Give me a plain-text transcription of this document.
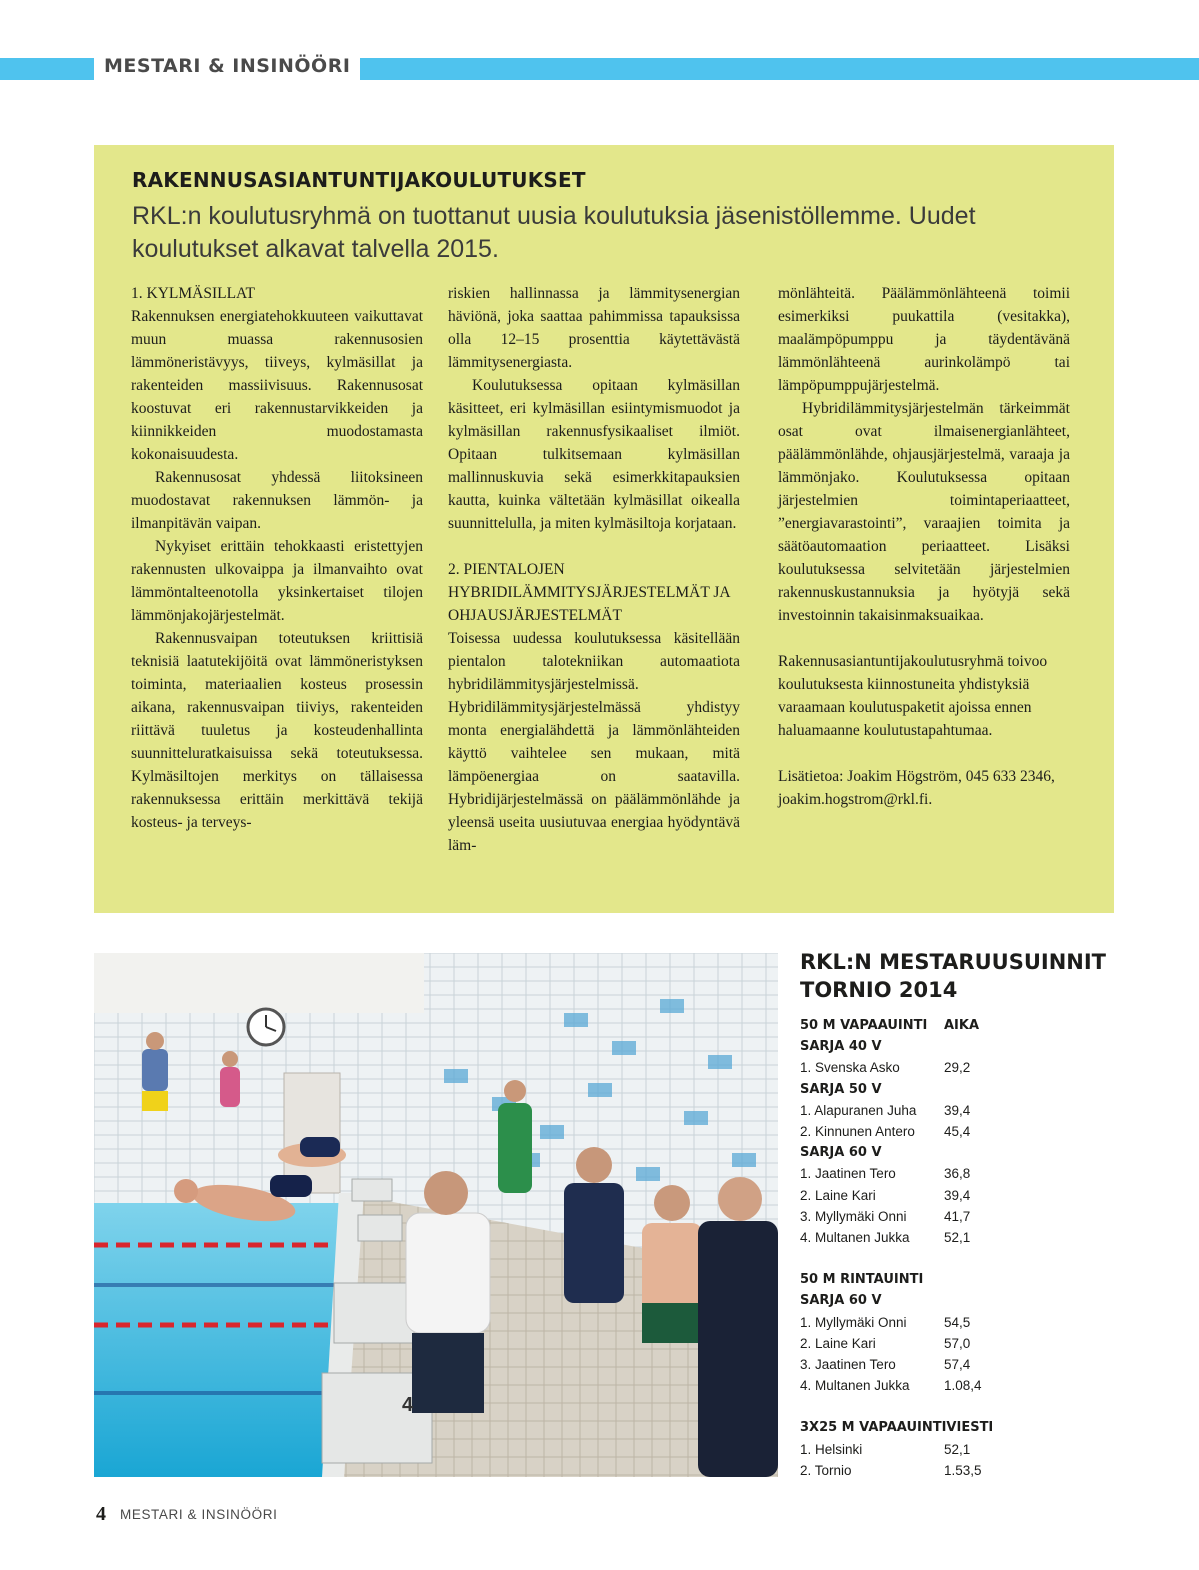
MESTARI & INSINÖÖRI
RAKENNUSASIANTUNTIJAKOULUTUKSET
RKL:n koulutusryhmä on tuottanut uusia koulutuksia jäsenistöllemme. Uudet koulutukset alkavat talvella 2015.

1. KYLMÄSILLAT

Rakennuksen energiatehokkuuteen vaikuttavat muun muassa rakennusosien lämmöneristävyys, tiiveys, kylmäsillat ja rakenteiden massiivisuus. Rakennusosat koostuvat eri rakennustarvikkeiden ja kiinnikkeiden muodostamasta kokonaisuudesta.

Rakennusosat yhdessä liitoksineen muodostavat rakennuksen lämmön- ja ilmanpitävän vaipan.

Nykyiset erittäin tehokkaasti eristettyjen rakennusten ulkovaippa ja ilmanvaihto ovat lämmöntalteenotolla yksinkertaiset tilojen lämmönjakojärjestelmät.

Rakennusvaipan toteutuksen kriittisiä teknisiä laatutekijöitä ovat lämmöneristyksen toiminta, materiaalien kosteus prosessin aikana, rakennusvaipan tiiviys, rakenteiden riittävä tuuletus ja kosteudenhallinta suunnitteluratkaisuissa sekä toteutuksessa. Kylmäsiltojen merkitys on tällaisessa rakennuksessa erittäin merkittävä tekijä kosteus- ja terveys-

riskien hallinnassa ja lämmitysenergian häviönä, joka saattaa pahimmissa tapauksissa olla 12–15 prosenttia käytettävästä lämmitysenergiasta.

Koulutuksessa opitaan kylmäsillan käsitteet, eri kylmäsillan esiintymismuodot ja kylmäsillan rakennusfysikaaliset ilmiöt. Opitaan tulkitsemaan kylmäsillan mallinnuskuvia sekä esimerkkitapauksien kautta, kuinka vältetään kylmäsillat oikealla suunnittelulla, ja miten kylmäsiltoja korjataan.

2. PIENTALOJEN HYBRIDILÄMMITYSJÄRJESTELMÄT JA OHJAUSJÄRJESTELMÄT

Toisessa uudessa koulutuksessa käsitellään pientalon talotekniikan automaatiota hybridilämmitysjärjestelmissä. Hybridilämmitysjärjestelmässä yhdistyy monta energialähdettä ja lämmönlähteiden käyttö vaihtelee sen mukaan, mitä lämpöenergiaa on saatavilla. Hybridijärjestelmässä on päälämmönlähde ja yleensä useita uusiutuvaa energiaa hyödyntävä läm-

mönlähteitä. Päälämmönlähteenä toimii esimerkiksi puukattila (vesitakka), maalämpöpumppu ja täydentävänä lämmönlähteenä aurinkolämpö tai lämpöpumppujärjestelmä.

Hybridilämmitysjärjestelmän tärkeimmät osat ovat ilmaisenergianlähteet, päälämmönlähde, ohjausjärjestelmä, varaaja ja lämmönjako. Koulutuksessa opitaan järjestelmien toimintaperiaatteet, ”energiavarastointi”, varaajien toimita ja säätöautomaation periaatteet. Lisäksi koulutuksessa selvitetään järjestelmien rakennuskustannuksia ja hyötyjä sekä investoinnin takaisinmaksuaikaa.

Rakennusasiantuntijakoulutusryhmä toivoo koulutuksesta kiinnostuneita yhdistyksiä varaamaan koulutuspaketit ajoissa ennen haluamaanne koulutustapahtumaa.

Lisätietoa: Joakim Högström, 045 633 2346, joakim.hogstrom@rkl.fi.

4
RKL:N MESTARUUSUINNIT TORNIO 2014
50 M VAPAAUINTI	AIKA
SARJA 40 V
1. Svenska Asko	29,2
SARJA 50 V
1. Alapuranen Juha	39,4
2. Kinnunen Antero	45,4
SARJA 60 V
1. Jaatinen Tero	36,8
2. Laine Kari	39,4
3. Myllymäki Onni	41,7
4. Multanen Jukka	52,1
50 M RINTAUINTI
SARJA 60 V
1. Myllymäki Onni	54,5
2. Laine Kari	57,0
3. Jaatinen Tero	57,4
4. Multanen Jukka	1.08,4
3X25 M VAPAAUINTIVIESTI
1. Helsinki	52,1
2. Tornio	1.53,5
4 MESTARI & INSINÖÖRI
